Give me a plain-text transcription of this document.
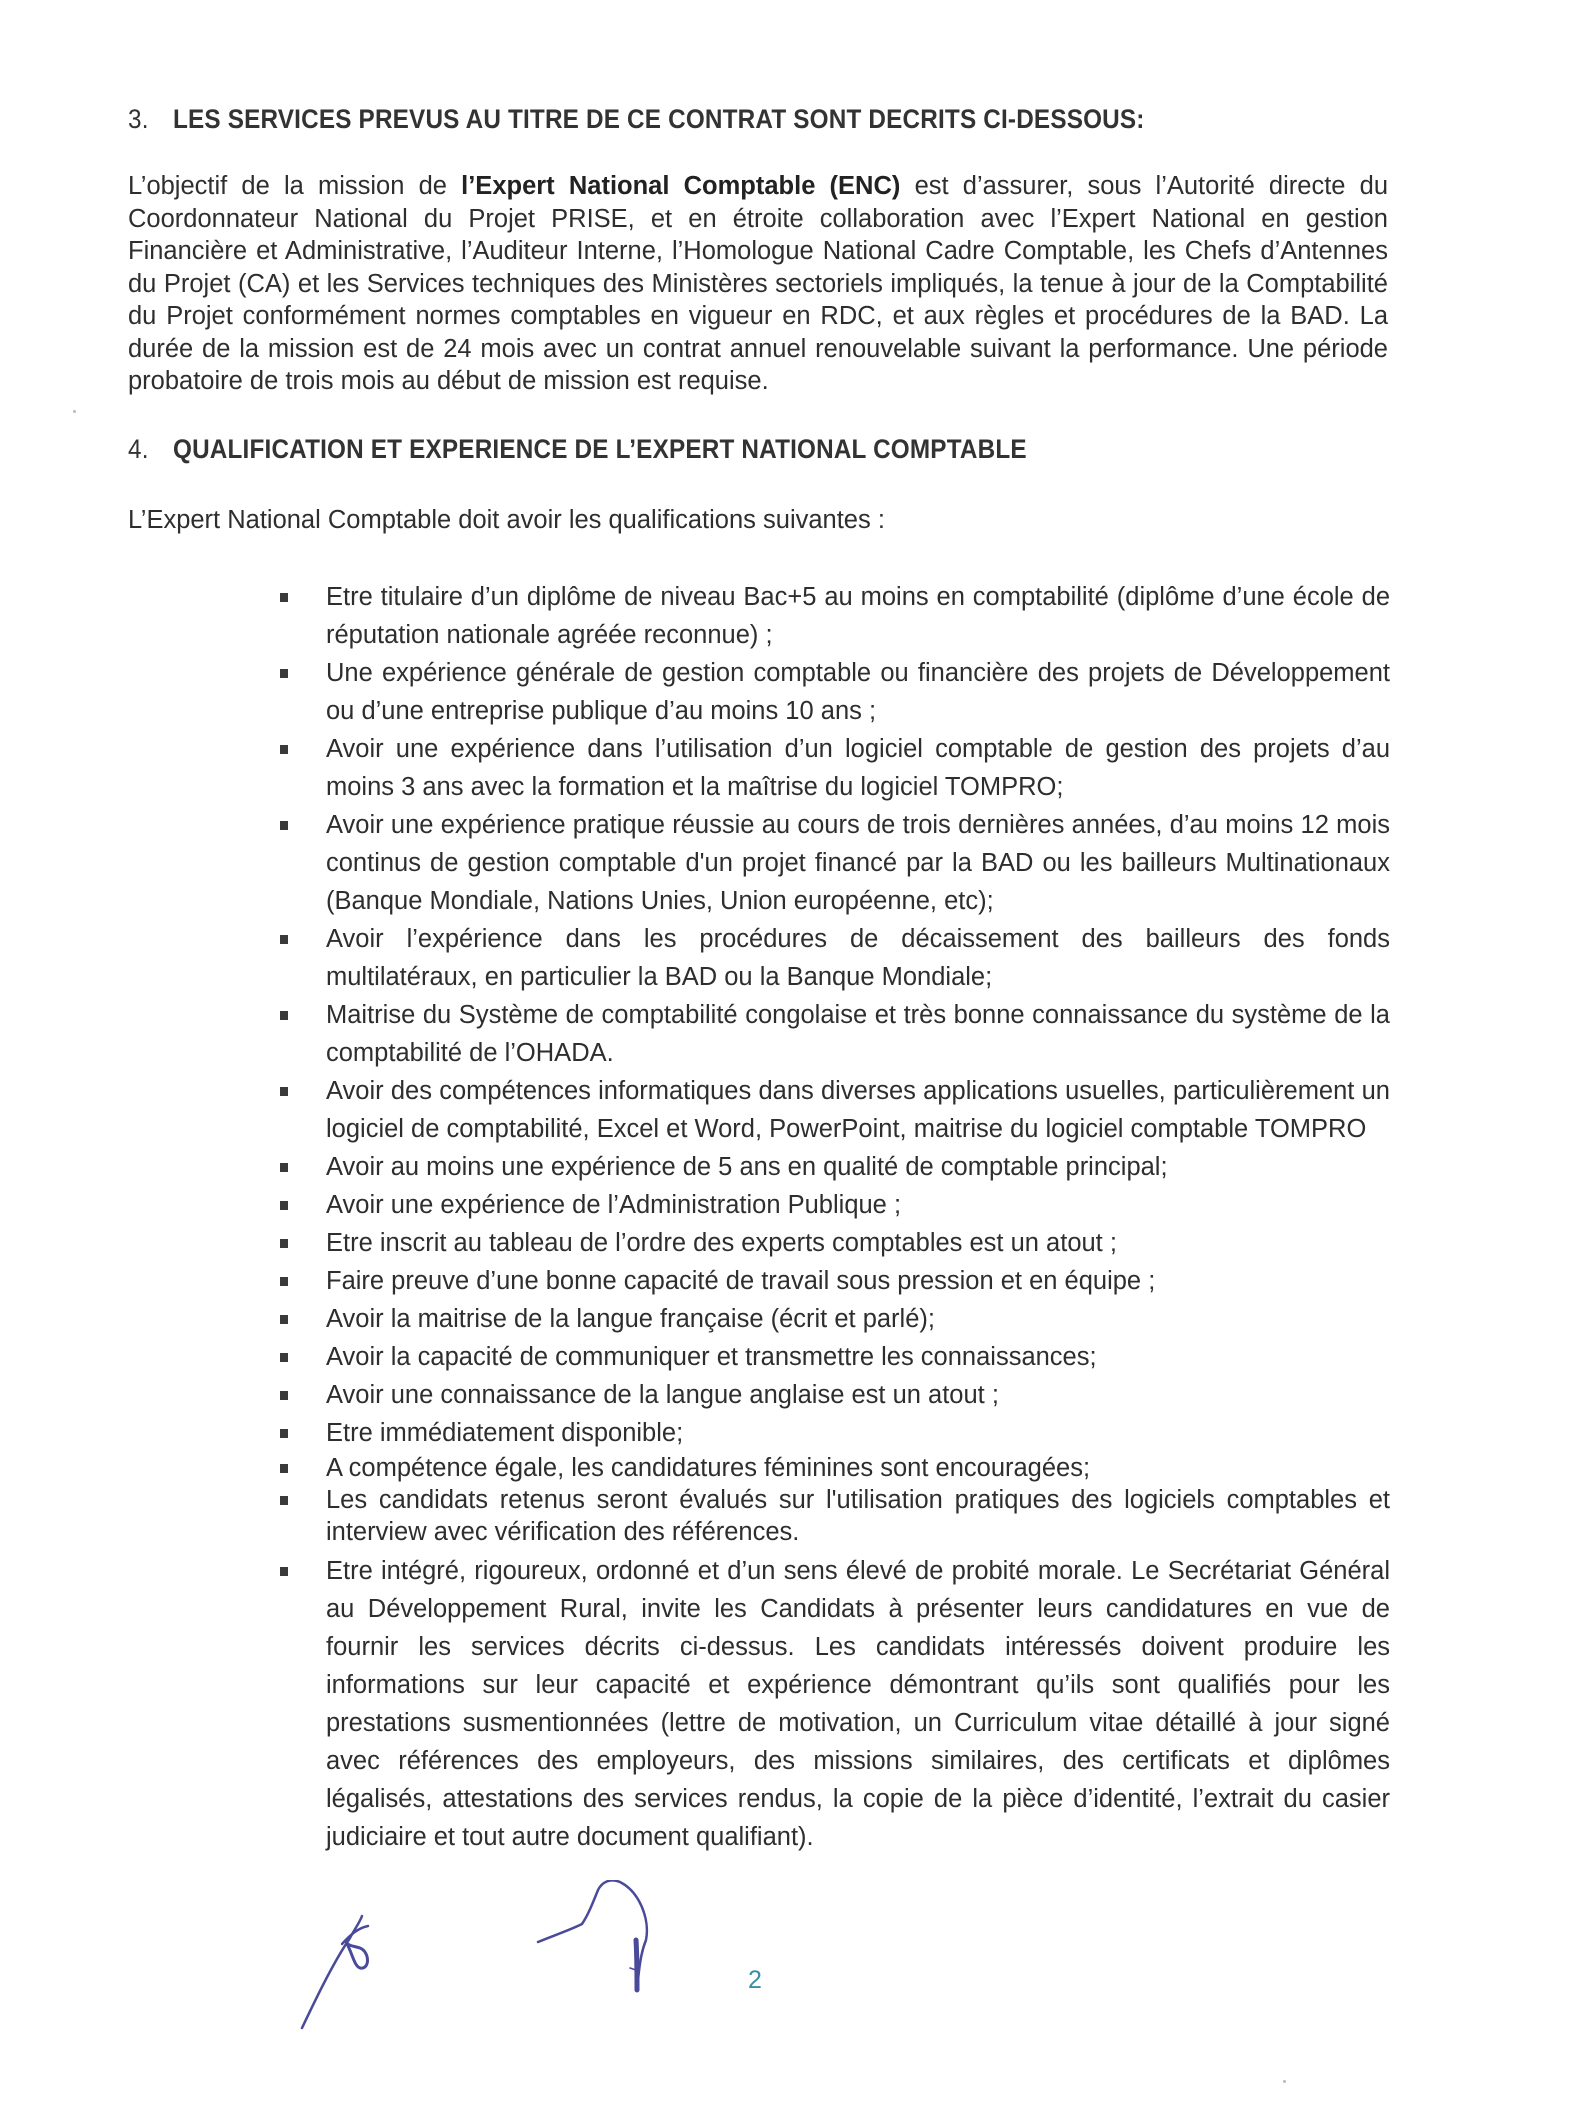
3. LES SERVICES PREVUS AU TITRE DE CE CONTRAT SONT DECRITS CI-DESSOUS:
L’objectif de la mission de l’Expert National Comptable (ENC) est d’assurer, sous l’Autorité directe du Coordonnateur National du Projet PRISE, et en étroite collaboration avec l’Expert National en gestion Financière et Administrative, l’Auditeur Interne, l’Homologue National Cadre Comptable, les Chefs d’Antennes du Projet (CA) et les Services techniques des Ministères sectoriels impliqués, la tenue à jour de la Comptabilité du Projet conformément normes comptables en vigueur en RDC, et aux règles et procédures de la BAD. La durée de la mission est de 24 mois avec un contrat annuel renouvelable suivant la performance. Une période probatoire de trois mois au début de mission est requise.
4. QUALIFICATION ET EXPERIENCE DE L’EXPERT NATIONAL COMPTABLE
L’Expert National Comptable doit avoir les qualifications suivantes :
Etre titulaire d’un diplôme de niveau Bac+5 au moins en comptabilité (diplôme d’une école de réputation nationale agréée reconnue) ;
Une expérience générale de gestion comptable ou financière des projets de Développement ou d’une entreprise publique d’au moins 10 ans ;
Avoir une expérience dans l’utilisation d’un logiciel comptable de gestion des projets d’au moins 3 ans avec la formation et la maîtrise du logiciel TOMPRO;
Avoir une expérience pratique réussie au cours de trois dernières années, d’au moins 12 mois continus de gestion comptable d'un projet financé par la BAD ou les bailleurs Multinationaux (Banque Mondiale, Nations Unies, Union européenne, etc);
Avoir l’expérience dans les procédures de décaissement des bailleurs des fonds multilatéraux, en particulier la BAD ou la Banque Mondiale;
Maitrise du Système de comptabilité congolaise et très bonne connaissance du système de la comptabilité de l’OHADA.
Avoir des compétences informatiques dans diverses applications usuelles, particulièrement un logiciel de comptabilité, Excel et Word, PowerPoint, maitrise du logiciel comptable TOMPRO
Avoir au moins une expérience de 5 ans en qualité de comptable principal;
Avoir une expérience de l’Administration Publique ;
Etre inscrit au tableau de l’ordre des experts comptables est un atout ;
Faire preuve d’une bonne capacité de travail sous pression et en équipe ;
Avoir la maitrise de la langue française (écrit et parlé);
Avoir la capacité de communiquer et transmettre les connaissances;
Avoir une connaissance de la langue anglaise est un atout ;
Etre immédiatement disponible;
A compétence égale, les candidatures féminines sont encouragées;
Les candidats retenus seront évalués sur l'utilisation pratiques des logiciels comptables et interview avec vérification des références.
Etre intégré, rigoureux, ordonné et d’un sens élevé de probité morale. Le Secrétariat Général au Développement Rural, invite les Candidats à présenter leurs candidatures en vue de fournir les services décrits ci-dessus. Les candidats intéressés doivent produire les informations sur leur capacité et expérience démontrant qu’ils sont qualifiés pour les prestations susmentionnées (lettre de motivation, un Curriculum vitae détaillé à jour signé avec références des employeurs, des missions similaires, des certificats et diplômes légalisés, attestations des services rendus, la copie de la pièce d’identité, l’extrait du casier judiciaire et tout autre document qualifiant).
2
